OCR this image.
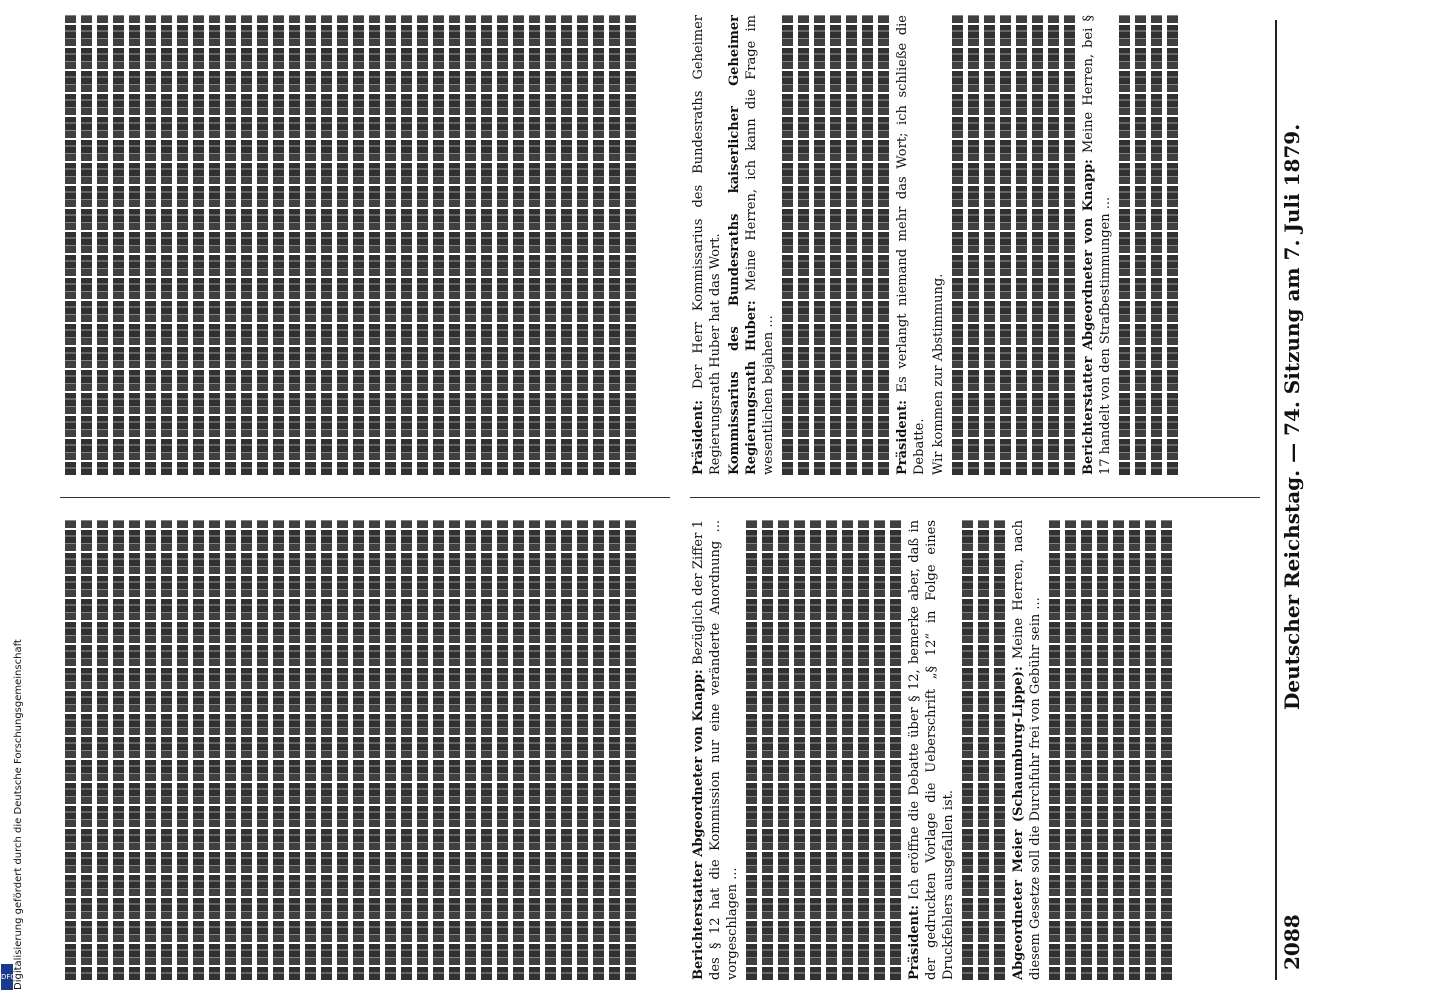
2088
Deutscher Reichstag. — 74. Sitzung am 7. Juli 1879.

Berichterstatter Abgeordneter von Knapp: Bezüglich der Ziffer 1 des § 12 hat die Kommission nur eine veränderte Anordnung ... vorgeschlagen ...	Präsident: Ich eröffne die Debatte über § 12, bemerke aber, daß in der gedruckten Vorlage die Ueberschrift „§ 12“ in Folge eines Druckfehlers ausgefallen ist.	Abgeordneter Meier (Schaumburg-Lippe): Meine Herren, nach diesem Gesetze soll die Durchfuhr frei von Gebühr sein ...

Präsident: Der Herr Kommissarius des Bundesraths Geheimer Regierungsrath Huber hat das Wort. Kommissarius des Bundesraths kaiserlicher Geheimer Regierungsrath Huber: Meine Herren, ich kann die Frage im wesentlichen bejahen ...	Präsident: Es verlangt niemand mehr das Wort; ich schließe die Debatte. Wir kommen zur Abstimmung.	Berichterstatter Abgeordneter von Knapp: Meine Herren, bei § 17 handelt von den Strafbestimmungen ...

Digitalisierung gefördert durch die Deutsche Forschungsgemeinschaft
DFG
